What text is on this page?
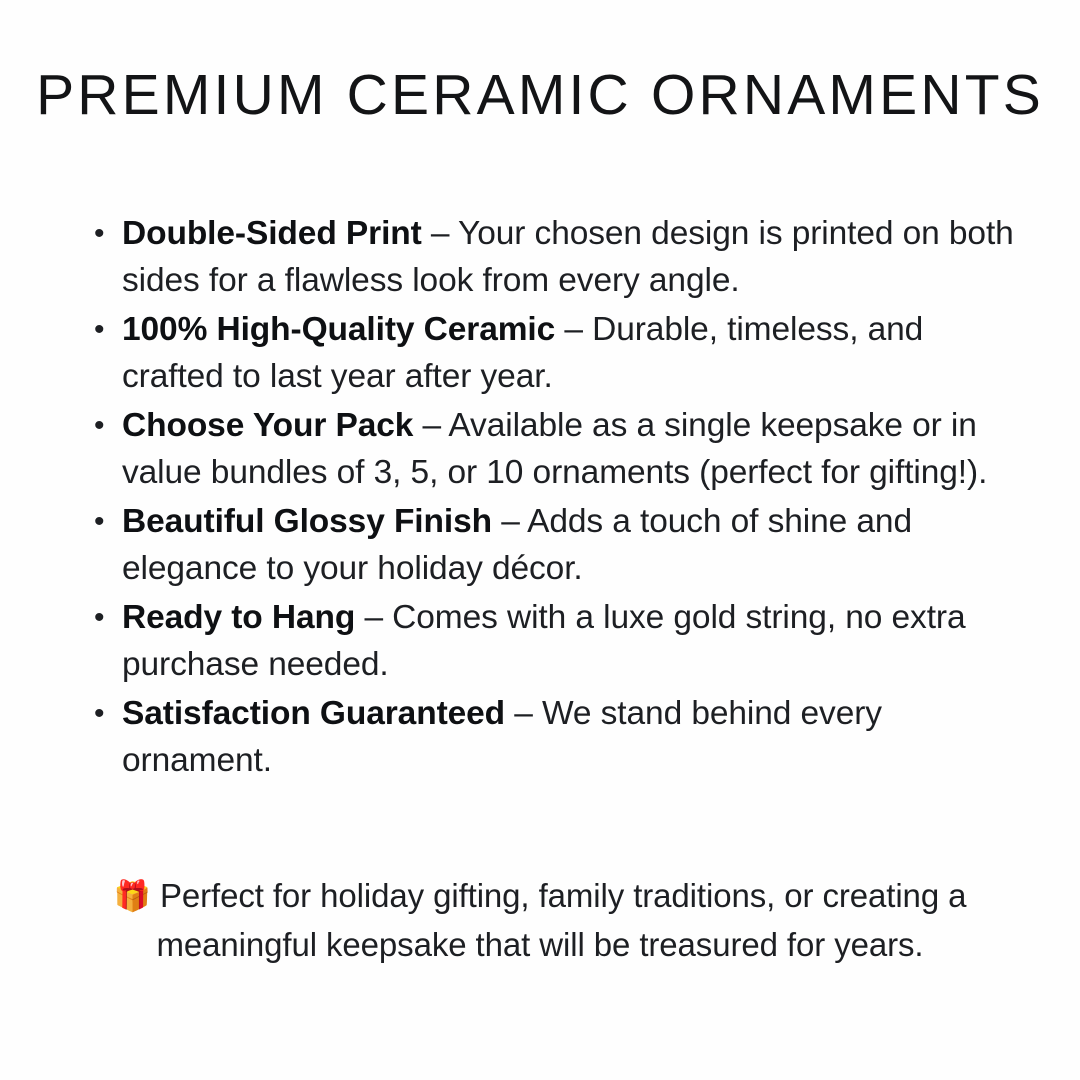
PREMIUM CERAMIC ORNAMENTS
• Double-Sided Print – Your chosen design is printed on both sides for a flawless look from every angle.
• 100% High-Quality Ceramic – Durable, timeless, and crafted to last year after year.
• Choose Your Pack – Available as a single keepsake or in value bundles of 3, 5, or 10 ornaments (perfect for gifting!).
• Beautiful Glossy Finish – Adds a touch of shine and elegance to your holiday décor.
• Ready to Hang – Comes with a luxe gold string, no extra purchase needed.
• Satisfaction Guaranteed – We stand behind every ornament.
🎁 Perfect for holiday gifting, family traditions, or creating a meaningful keepsake that will be treasured for years.
